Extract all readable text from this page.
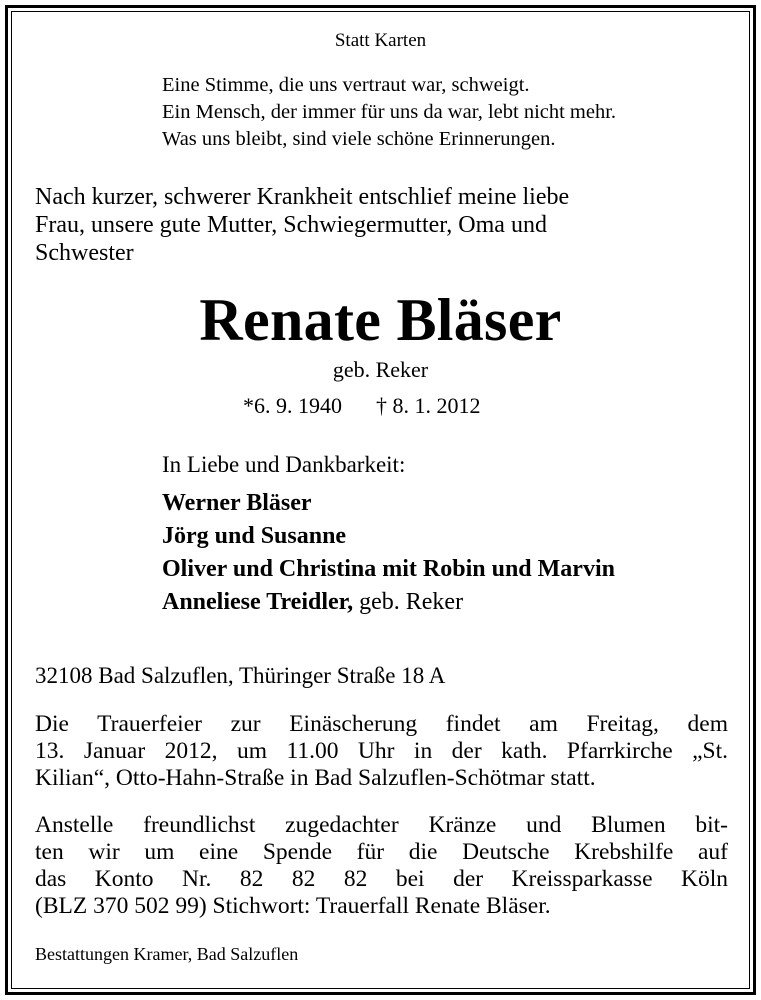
Statt Karten
Eine Stimme, die uns vertraut war, schweigt.
Ein Mensch, der immer für uns da war, lebt nicht mehr.
Was uns bleibt, sind viele schöne Erinnerungen.
Nach kurzer, schwerer Krankheit entschlief meine liebe
Frau, unsere gute Mutter, Schwiegermutter, Oma und
Schwester
Renate Bläser
geb. Reker
*6. 9. 1940 † 8. 1. 2012
In Liebe und Dankbarkeit:
Werner Bläser
Jörg und Susanne
Oliver und Christina mit Robin und Marvin
Anneliese Treidler, geb. Reker
32108 Bad Salzuflen, Thüringer Straße 18 A
Die Trauerfeier zur Einäscherung findet am Freitag, dem
13. Januar 2012, um 11.00 Uhr in der kath. Pfarrkirche „St.
Kilian“, Otto-Hahn-Straße in Bad Salzuflen-Schötmar statt.
Anstelle freundlichst zugedachter Kränze und Blumen bit-
ten wir um eine Spende für die Deutsche Krebshilfe auf
das Konto Nr. 82 82 82 bei der Kreissparkasse Köln
(BLZ 370 502 99) Stichwort: Trauerfall Renate Bläser.
Bestattungen Kramer, Bad Salzuflen
